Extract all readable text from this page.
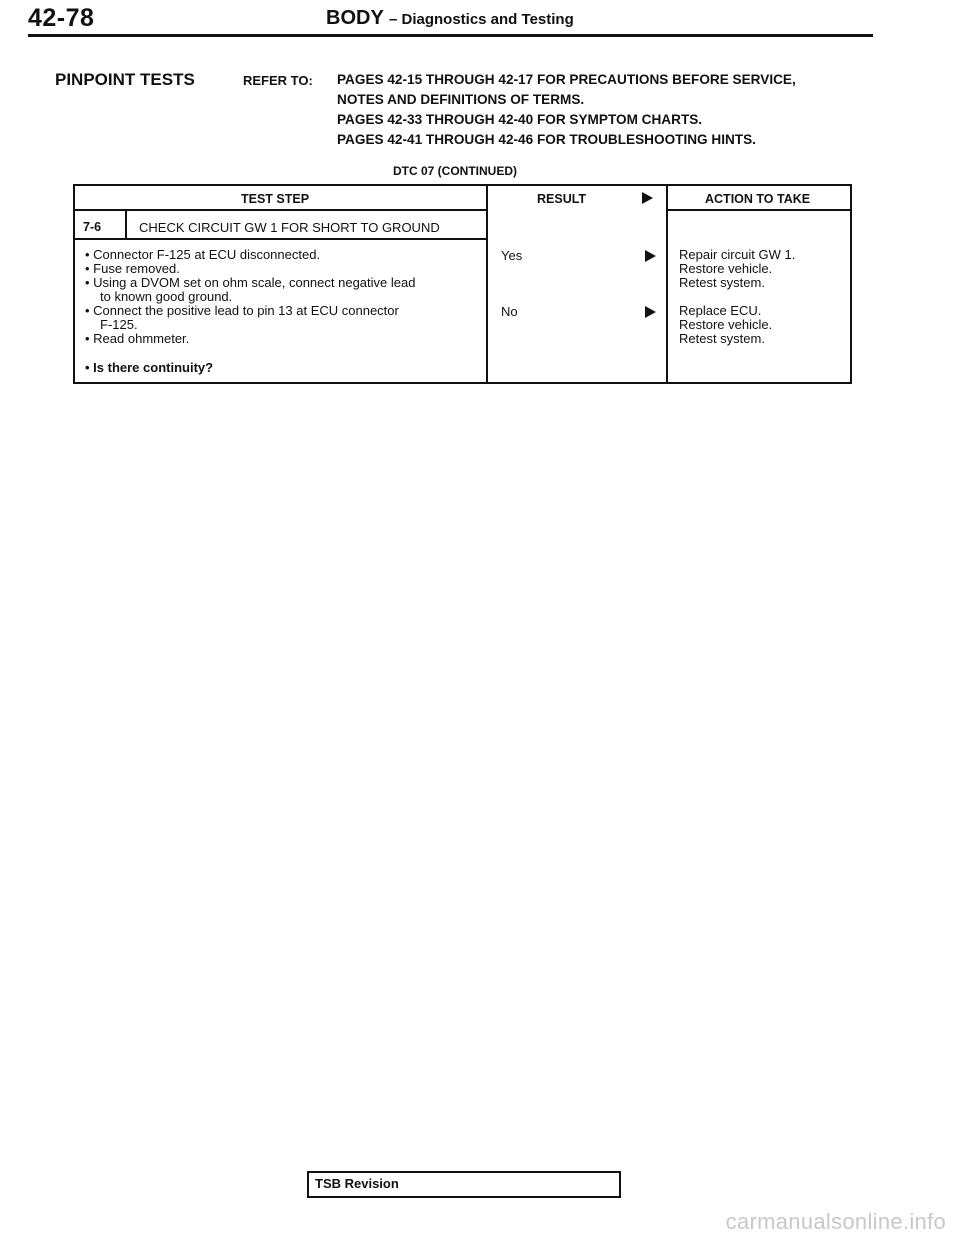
42-78	BODY – Diagnostics and Testing
PINPOINT TESTS	REFER TO: PAGES 42-15 THROUGH 42-17 FOR PRECAUTIONS BEFORE SERVICE,
NOTES AND DEFINITIONS OF TERMS.
PAGES 42-33 THROUGH 42-40 FOR SYMPTOM CHARTS.
PAGES 42-41 THROUGH 42-46 FOR TROUBLESHOOTING HINTS.
DTC 07 (CONTINUED)
TEST STEP	RESULT	ACTION TO TAKE
7-6	CHECK CIRCUIT GW 1 FOR SHORT TO GROUND
• Connector F-125 at ECU disconnected.
• Fuse removed.
• Using a DVOM set on ohm scale, connect negative lead
to known good ground.
• Connect the positive lead to pin 13 at ECU connector
F-125.
• Read ohmmeter.
• Is there continuity?
Yes	Repair circuit GW 1.
Restore vehicle.
Retest system.
No	Replace ECU.
Restore vehicle.
Retest system.
TSB Revision
carmanualsonline.info
